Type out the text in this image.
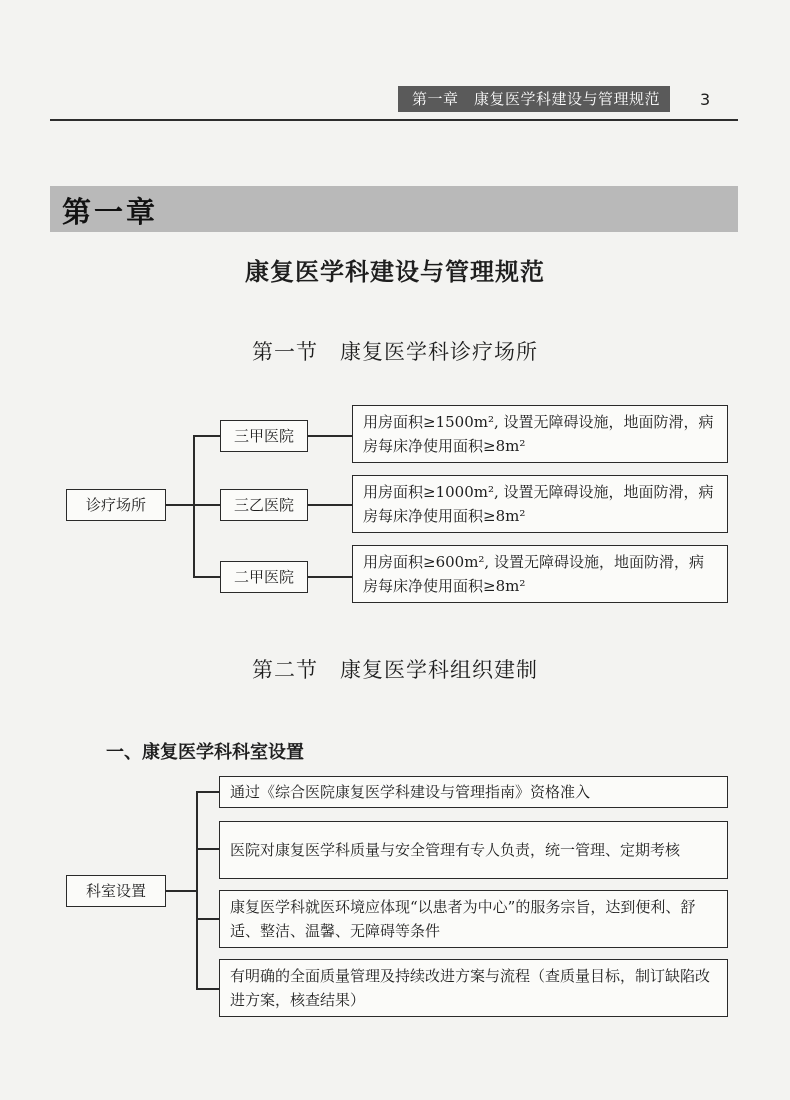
第一章　康复医学科建设与管理规范	3
第一章
康复医学科建设与管理规范
第一节　康复医学科诊疗场所
诊疗场所
三甲医院
三乙医院
二甲医院
用房面积≥1500m², 设置无障碍设施，地面防滑，病房每床净使用面积≥8m²
用房面积≥1000m², 设置无障碍设施，地面防滑，病房每床净使用面积≥8m²
用房面积≥600m², 设置无障碍设施，地面防滑，病房每床净使用面积≥8m²
第二节　康复医学科组织建制
一、康复医学科科室设置
科室设置
通过《综合医院康复医学科建设与管理指南》资格准入
医院对康复医学科质量与安全管理有专人负责，统一管理、定期考核
康复医学科就医环境应体现“以患者为中心”的服务宗旨，达到便利、舒适、整洁、温馨、无障碍等条件
有明确的全面质量管理及持续改进方案与流程（查质量目标，制订缺陷改进方案，核查结果）
